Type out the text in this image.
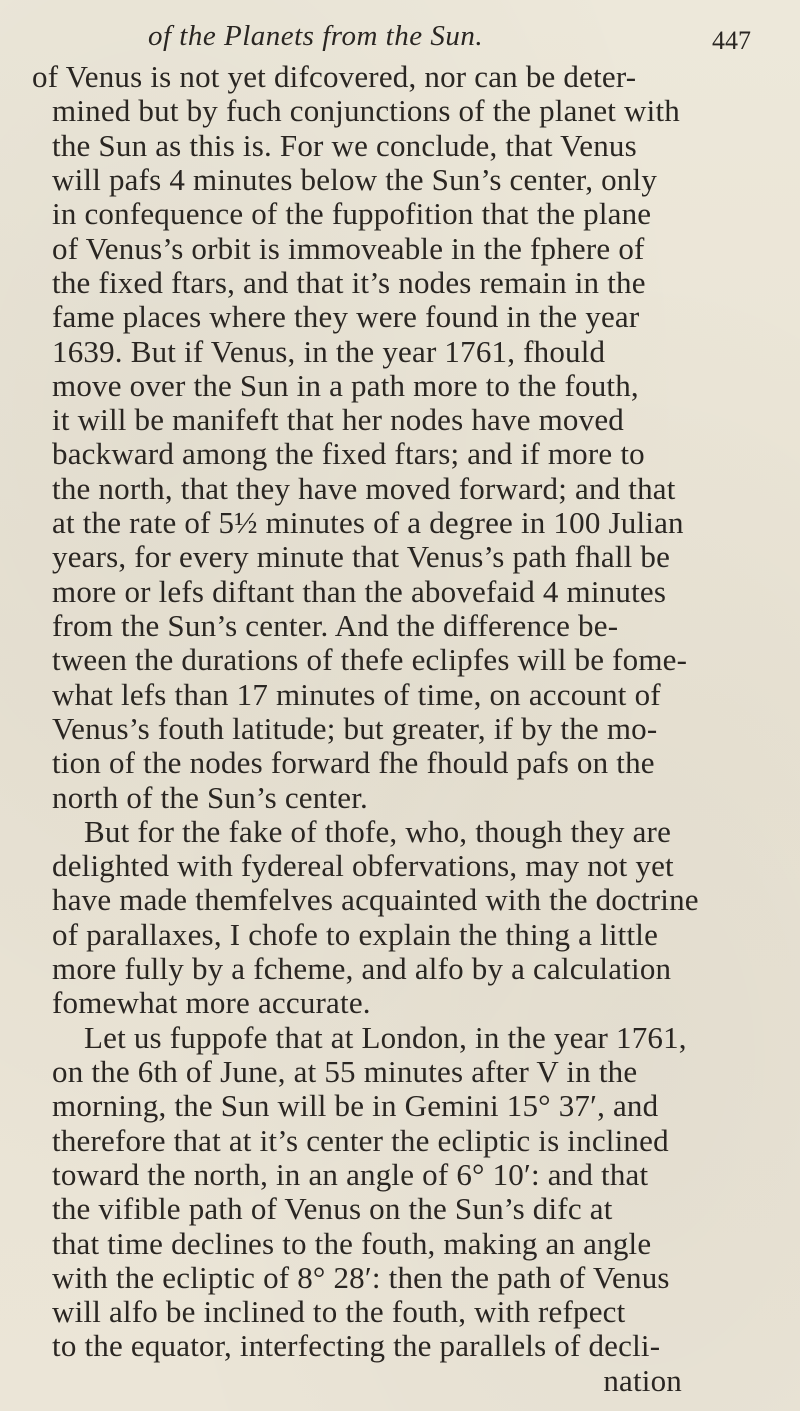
of the Planets from the Sun.	447
of Venus is not yet difcovered, nor can be deter-
mined but by fuch conjunctions of the planet with
the Sun as this is. For we conclude, that Venus
will pafs 4 minutes below the Sun’s center, only
in confequence of the fuppofition that the plane
of Venus’s orbit is immoveable in the fphere of
the fixed ftars, and that it’s nodes remain in the
fame places where they were found in the year
1639. But if Venus, in the year 1761, fhould
move over the Sun in a path more to the fouth,
it will be manifeft that her nodes have moved
backward among the fixed ftars; and if more to
the north, that they have moved forward; and that
at the rate of 5½ minutes of a degree in 100 Julian
years, for every minute that Venus’s path fhall be
more or lefs diftant than the abovefaid 4 minutes
from the Sun’s center. And the difference be-
tween the durations of thefe eclipfes will be fome-
what lefs than 17 minutes of time, on account of
Venus’s fouth latitude; but greater, if by the mo-
tion of the nodes forward fhe fhould pafs on the
north of the Sun’s center.
But for the fake of thofe, who, though they are
delighted with fydereal obfervations, may not yet
have made themfelves acquainted with the doctrine
of parallaxes, I chofe to explain the thing a little
more fully by a fcheme, and alfo by a calculation
fomewhat more accurate.
Let us fuppofe that at London, in the year 1761,
on the 6th of June, at 55 minutes after V in the
morning, the Sun will be in Gemini 15° 37′, and
therefore that at it’s center the ecliptic is inclined
toward the north, in an angle of 6° 10′: and that
the vifible path of Venus on the Sun’s difc at
that time declines to the fouth, making an angle
with the ecliptic of 8° 28′: then the path of Venus
will alfo be inclined to the fouth, with refpect
to the equator, interfecting the parallels of decli-
nation
